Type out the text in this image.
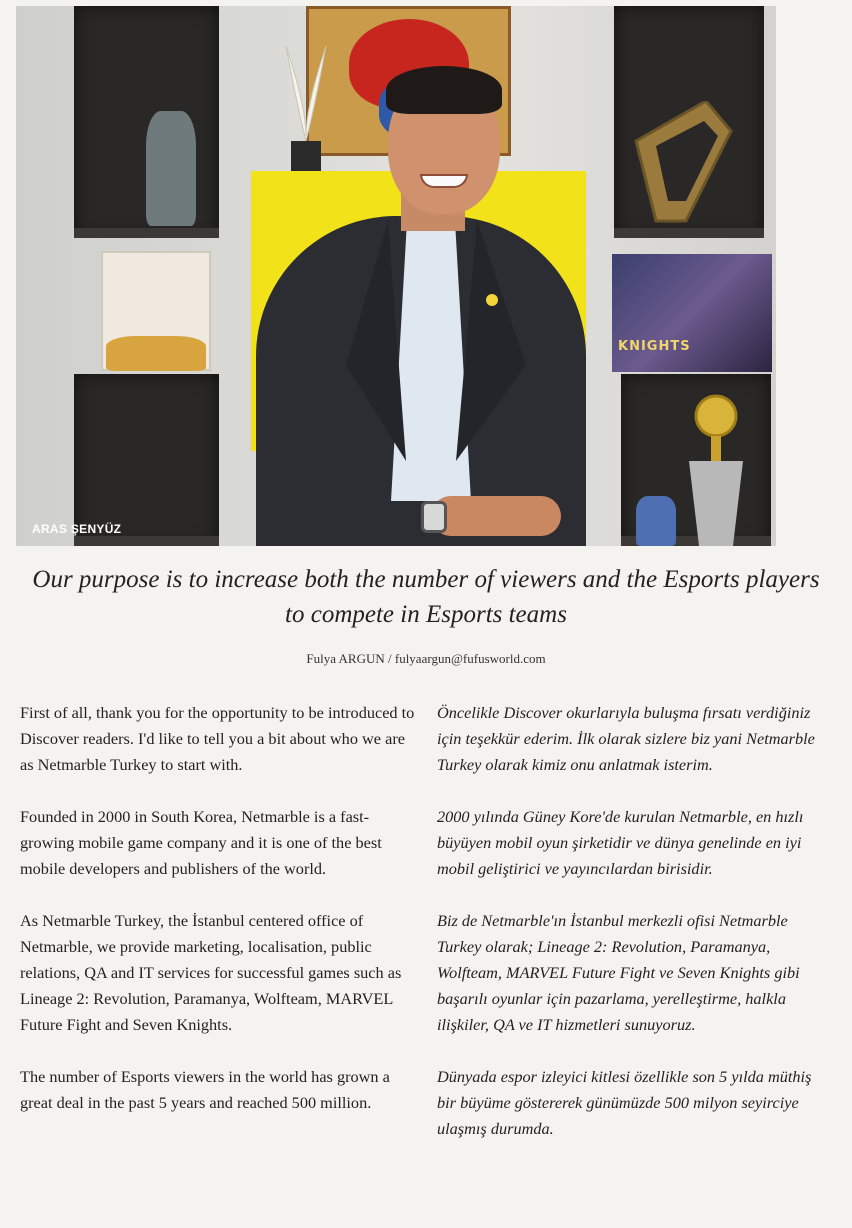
KNIGHTS
ARAS ŞENYÜZ
Our purpose is to increase both the number of viewers and the Esports players to compete in Esports teams
Fulya ARGUN / fulyaargun@fufusworld.com

First of all, thank you for the opportunity to be introduced to Discover readers. I'd like to tell you a bit about who we are as Netmarble Turkey to start with.

Founded in 2000 in South Korea, Netmarble is a fast-growing mobile game company and it is one of the best mobile developers and publishers of the world.

As Netmarble Turkey, the İstanbul centered office of Netmarble, we provide marketing, localisation, public relations, QA and IT services for successful games such as Lineage 2: Revolution, Paramanya, Wolfteam, MARVEL Future Fight and Seven Knights.

The number of Esports viewers in the world has grown a great deal in the past 5 years and reached 500 million.

Öncelikle Discover okurlarıyla buluşma fırsatı verdiğiniz için teşekkür ederim. İlk olarak sizlere biz yani Netmarble Turkey olarak kimiz onu anlatmak isterim.

2000 yılında Güney Kore'de kurulan Netmarble, en hızlı büyüyen mobil oyun şirketidir ve dünya genelinde en iyi mobil geliştirici ve yayıncılardan birisidir.

Biz de Netmarble'ın İstanbul merkezli ofisi Netmarble Turkey olarak; Lineage 2: Revolution, Paramanya, Wolfteam, MARVEL Future Fight ve Seven Knights gibi başarılı oyunlar için pazarlama, yerelleştirme, halkla ilişkiler, QA ve IT hizmetleri sunuyoruz.

Dünyada espor izleyici kitlesi özellikle son 5 yılda müthiş bir büyüme göstererek günümüzde 500 milyon seyirciye ulaşmış durumda.
